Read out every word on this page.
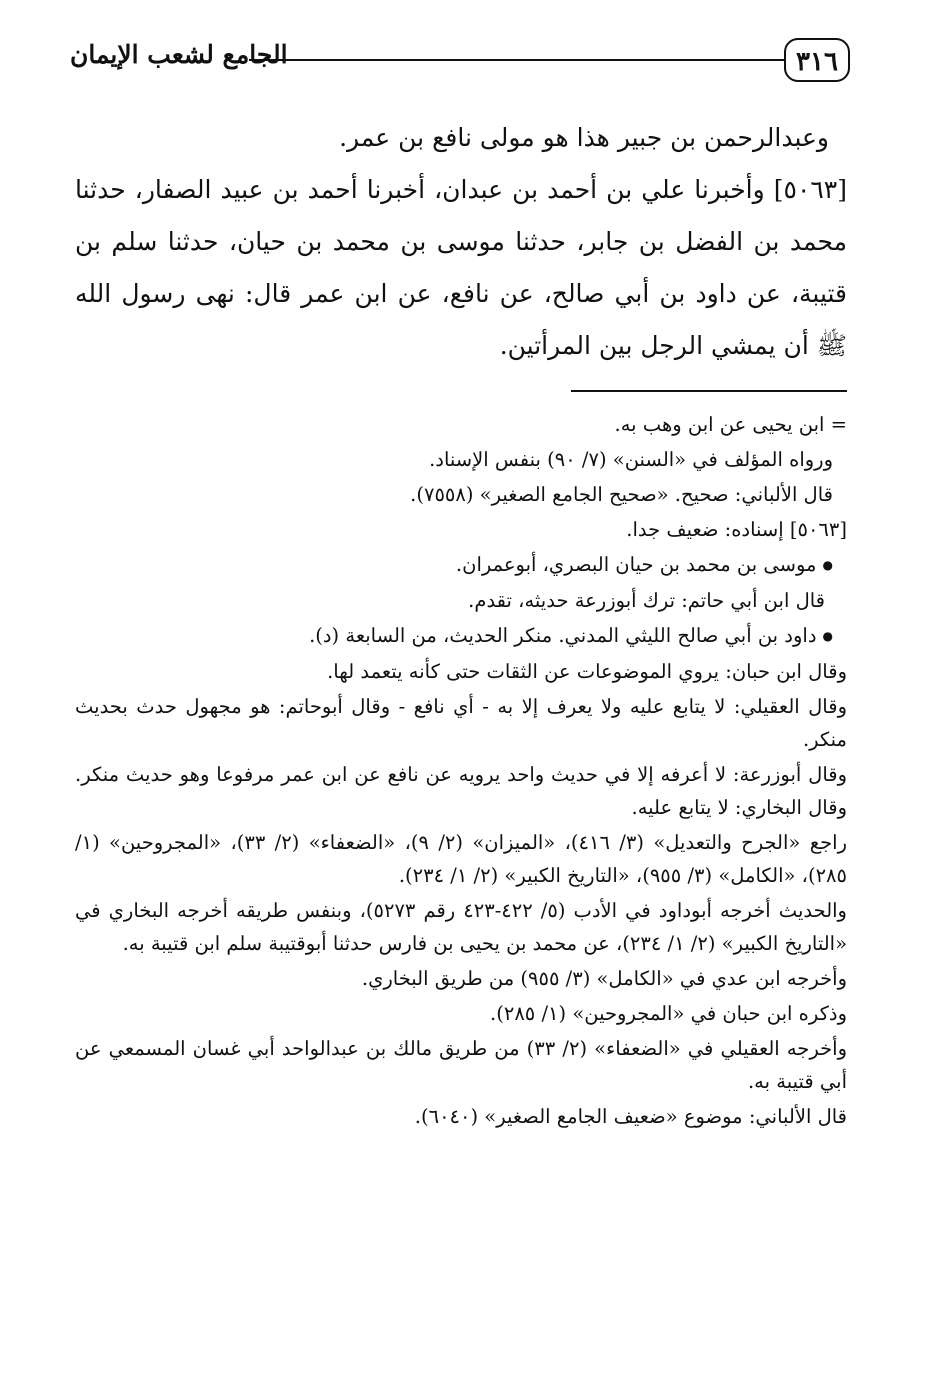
٣١٦
الجامع لشعب الإيمان

وعبدالرحمن بن جبير هذا هو مولى نافع بن عمر.

[٥٠٦٣] وأخبرنا علي بن أحمد بن عبدان، أخبرنا أحمد بن عبيد الصفار، حدثنا محمد بن الفضل بن جابر، حدثنا موسى بن محمد بن حيان، حدثنا سلم بن قتيبة، عن داود بن أبي صالح، عن نافع، عن ابن عمر قال: نهى رسول الله ﷺ أن يمشي الرجل بين المرأتين.

= ابن يحيى عن ابن وهب به.

ورواه المؤلف في «السنن» (٧/ ٩٠) بنفس الإسناد.

قال الألباني: صحيح. «صحيح الجامع الصغير» (٧٥٥٨).

[٥٠٦٣] إسناده: ضعيف جدا.

● موسى بن محمد بن حيان البصري، أبوعمران.

قال ابن أبي حاتم: ترك أبوزرعة حديثه، تقدم.

● داود بن أبي صالح الليثي المدني. منكر الحديث، من السابعة (د).

وقال ابن حبان: يروي الموضوعات عن الثقات حتى كأنه يتعمد لها.

وقال العقيلي: لا يتابع عليه ولا يعرف إلا به - أي نافع - وقال أبوحاتم: هو مجهول حدث بحديث منكر.

وقال أبوزرعة: لا أعرفه إلا في حديث واحد يرويه عن نافع عن ابن عمر مرفوعا وهو حديث منكر. وقال البخاري: لا يتابع عليه.

راجع «الجرح والتعديل» (٣/ ٤١٦)، «الميزان» (٢/ ٩)، «الضعفاء» (٢/ ٣٣)، «المجروحين» (١/ ٢٨٥)، «الكامل» (٣/ ٩٥٥)، «التاريخ الكبير» (٢/ ١/ ٢٣٤).

والحديث أخرجه أبوداود في الأدب (٥/ ٤٢٢-٤٢٣ رقم ٥٢٧٣)، وبنفس طريقه أخرجه البخاري في «التاريخ الكبير» (٢/ ١/ ٢٣٤)، عن محمد بن يحيى بن فارس حدثنا أبوقتيبة سلم ابن قتيبة به.

وأخرجه ابن عدي في «الكامل» (٣/ ٩٥٥) من طريق البخاري.

وذكره ابن حبان في «المجروحين» (١/ ٢٨٥).

وأخرجه العقيلي في «الضعفاء» (٢/ ٣٣) من طريق مالك بن عبدالواحد أبي غسان المسمعي عن أبي قتيبة به.

قال الألباني: موضوع «ضعيف الجامع الصغير» (٦٠٤٠).
